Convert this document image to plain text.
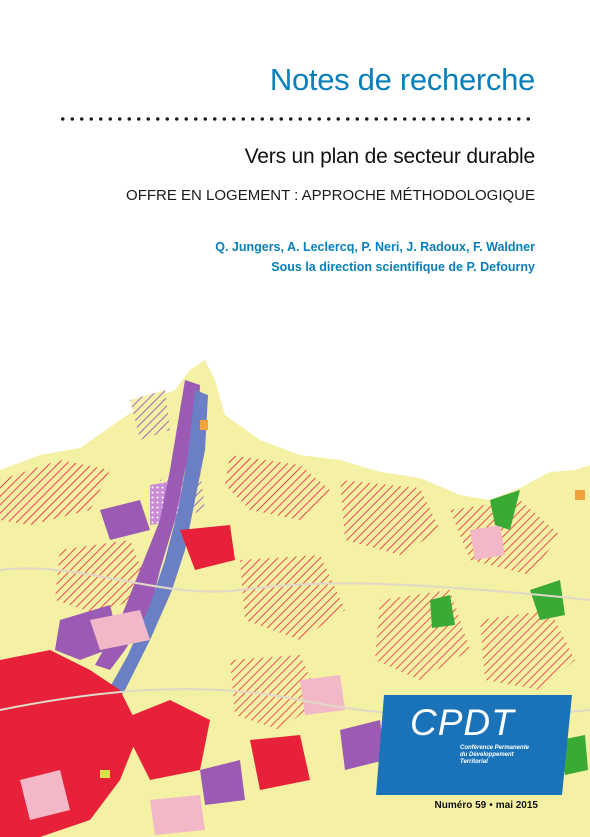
Notes de recherche
Vers un plan de secteur durable
OFFRE EN LOGEMENT : APPROCHE MÉTHODOLOGIQUE
Q. Jungers, A. Leclercq, P. Neri, J. Radoux, F. Waldner
Sous la direction scientifique de P. Defourny
CPDT
Conférence Permanente
du Développement
Territorial
Numéro 59 • mai 2015
